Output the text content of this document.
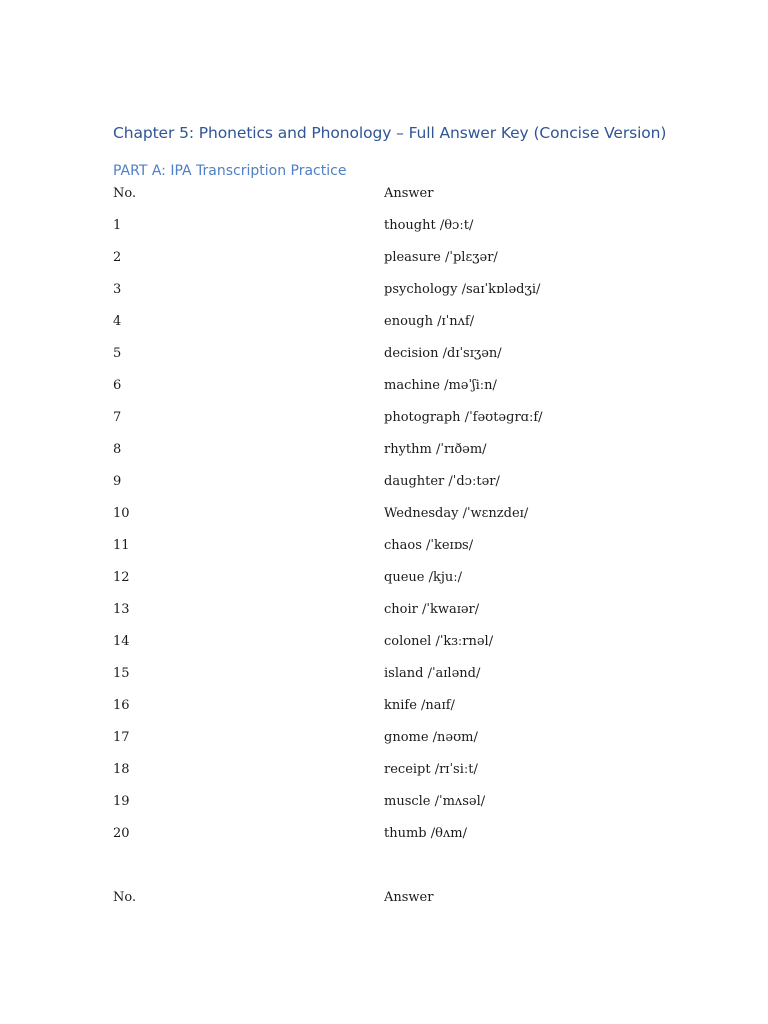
Chapter 5: Phonetics and Phonology – Full Answer Key (Concise Version)
PART A: IPA Transcription Practice
No.	Answer
1	thought /θɔːt/
2	pleasure /ˈplɛʒər/
3	psychology /saɪˈkɒlədʒi/
4	enough /ɪˈnʌf/
5	decision /dɪˈsɪʒən/
6	machine /məˈʃiːn/
7	photograph /ˈfəʊtəɡrɑːf/
8	rhythm /ˈrɪðəm/
9	daughter /ˈdɔːtər/
10	Wednesday /ˈwɛnzdeɪ/
11	chaos /ˈkeɪɒs/
12	queue /kjuː/
13	choir /ˈkwaɪər/
14	colonel /ˈkɜːrnəl/
15	island /ˈaɪlənd/
16	knife /naɪf/
17	gnome /nəʊm/
18	receipt /rɪˈsiːt/
19	muscle /ˈmʌsəl/
20	thumb /θʌm/
No.	Answer
